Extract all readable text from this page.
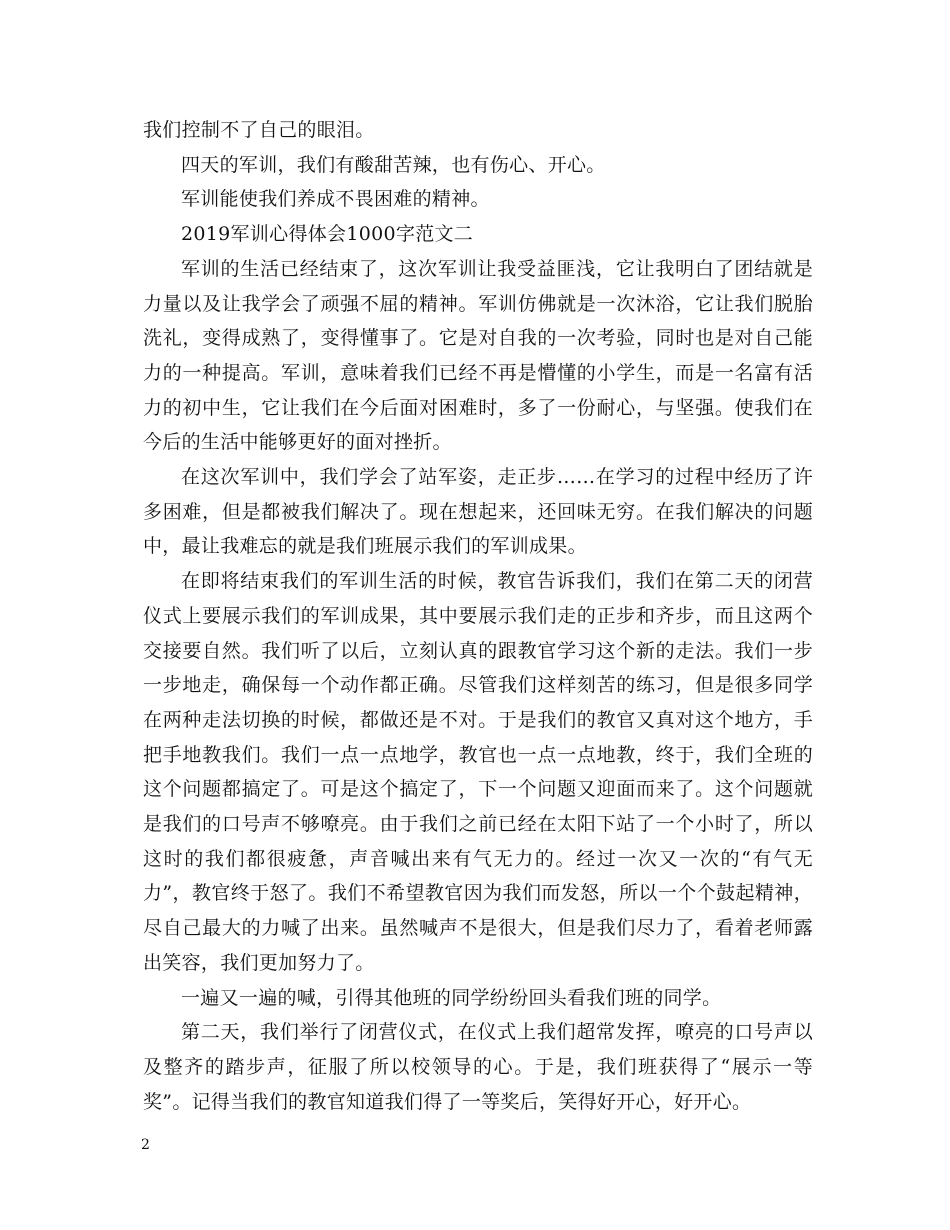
我们控制不了自己的眼泪。

四天的军训，我们有酸甜苦辣，也有伤心、开心。

军训能使我们养成不畏困难的精神。

2019军训心得体会1000字范文二

军训的生活已经结束了，这次军训让我受益匪浅，它让我明白了团结就是力量以及让我学会了顽强不屈的精神。军训仿佛就是一次沐浴，它让我们脱胎洗礼，变得成熟了，变得懂事了。它是对自我的一次考验，同时也是对自己能力的一种提高。军训，意味着我们已经不再是懵懂的小学生，而是一名富有活力的初中生，它让我们在今后面对困难时，多了一份耐心，与坚强。使我们在今后的生活中能够更好的面对挫折。

在这次军训中，我们学会了站军姿，走正步……在学习的过程中经历了许多困难，但是都被我们解决了。现在想起来，还回味无穷。在我们解决的问题中，最让我难忘的就是我们班展示我们的军训成果。

在即将结束我们的军训生活的时候，教官告诉我们，我们在第二天的闭营仪式上要展示我们的军训成果，其中要展示我们走的正步和齐步，而且这两个交接要自然。我们听了以后，立刻认真的跟教官学习这个新的走法。我们一步一步地走，确保每一个动作都正确。尽管我们这样刻苦的练习，但是很多同学在两种走法切换的时候，都做还是不对。于是我们的教官又真对这个地方，手把手地教我们。我们一点一点地学，教官也一点一点地教，终于，我们全班的这个问题都搞定了。可是这个搞定了，下一个问题又迎面而来了。这个问题就是我们的口号声不够嘹亮。由于我们之前已经在太阳下站了一个小时了，所以这时的我们都很疲惫，声音喊出来有气无力的。经过一次又一次的“有气无力”，教官终于怒了。我们不希望教官因为我们而发怒，所以一个个鼓起精神，尽自己最大的力喊了出来。虽然喊声不是很大，但是我们尽力了，看着老师露出笑容，我们更加努力了。

一遍又一遍的喊，引得其他班的同学纷纷回头看我们班的同学。

第二天，我们举行了闭营仪式，在仪式上我们超常发挥，嘹亮的口号声以及整齐的踏步声，征服了所以校领导的心。于是，我们班获得了“展示一等奖”。记得当我们的教官知道我们得了一等奖后，笑得好开心，好开心。

2
